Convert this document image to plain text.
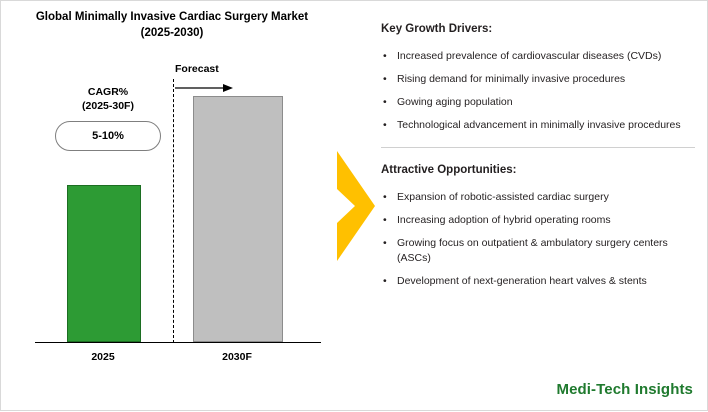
Global Minimally Invasive Cardiac Surgery Market
(2025-2030)
CAGR%
(2025-30F)
5-10%
Forecast
2025	2030F
Key Growth Drivers:
• Increased prevalence of cardiovascular diseases (CVDs)
• Rising demand for minimally invasive procedures
• Gowing aging population
• Technological advancement in minimally invasive procedures
Attractive Opportunities:
• Expansion of robotic-assisted cardiac surgery
• Increasing adoption of hybrid operating rooms
• Growing focus on outpatient & ambulatory surgery centers (ASCs)
• Development of next-generation heart valves & stents
Medi-Tech Insights
